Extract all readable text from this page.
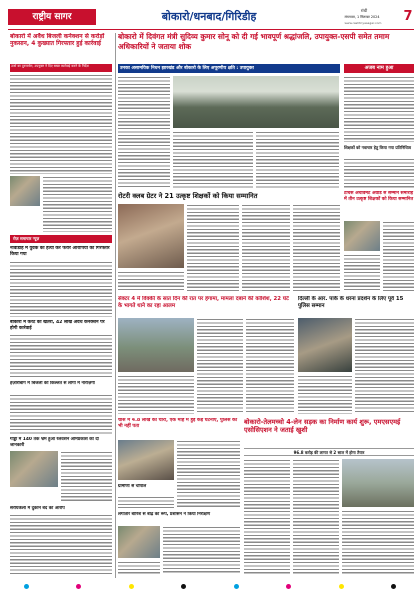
राष्ट्रीय सागर	बोकारो/धनबाद/गिरिडीह	रांची
मंगलवार, 1 सितम्बर 2024
www.rashtriyasagar.com	7
बोकारो में अवैध बिजली कनेक्शन से करोड़ों नुकसान, 4 कुख्यात गिरफ्तार हुई कार्रवाई
उर्जा का दुरुपयोग, उपयुक्त ने दिए सख्त कार्रवाई करने के निर्देश
रोज़ समाचार न्यूज़
नावाडीह में युवक की हत्या कर फरार आरोपियों को गिरफ्तार किया गया
बोकारो में करंट का खतरा, 42 लाख अवैध कनेक्शन पर होगी कार्रवाई
हज़ारीबाग में बिजली की किल्लत से लोगों में नाराज़गी
गोड्डा में 140 तक भ्रम हुआ रैलवेशन ओमप्रकाश की दी जानकारी
सरायकेला में दुकान बंद का आरोप
बोकारो में दिवंगत मंत्री सुदिव्य कुमार सोनू को दी गई भावपूर्ण श्रद्धांजलि, उपायुक्त-एसपी समेत तमाम अधिकारियों ने जताया शोक
उनका असामयिक निधन झारखंड और बोकारो के लिए अपूरणीय क्षति : उपायुक्त	अजब नाम हुआ
शिक्षकों को नवाचार हेतु किया गया प्रतिनिधित्व
रोटरी क्लब ग्रेटर ने 21 उत्कृष्ट शिक्षकों को किया सम्मानित	टीचर्स अचीवमेंट अवार्ड से सम्मान समारोह में तीन उत्कृष्ट शिक्षकों को किया सम्मानित
सेक्टर 4 में विक्की के सात दिन की रात पर हंगामा, मामला दबाने की कोशिश, 22 घंटे के भागते थाने का रहा आलम
दिल्ली के आर. पार्क के धरना प्रदर्शन के लिए पूर्व 15 पुलिस सम्मान
चास में 4.8 लाख की चोरी, एक माह में हुई कई घटनाएं, पुलिस को भी नहीं पता
ग्रामीणों से चौपाल
बोकारो-तेलमच्चो 4-लेन सड़क का निर्माण कार्य शुरू, एमएसएमई एसोसिएशन ने जताई खुशी
96.8 करोड़ की लागत से 2 साल में होगा तैयार
लगातार बारिश से बाढ़ का रूप, प्रशासन ने किया निरीक्षण
